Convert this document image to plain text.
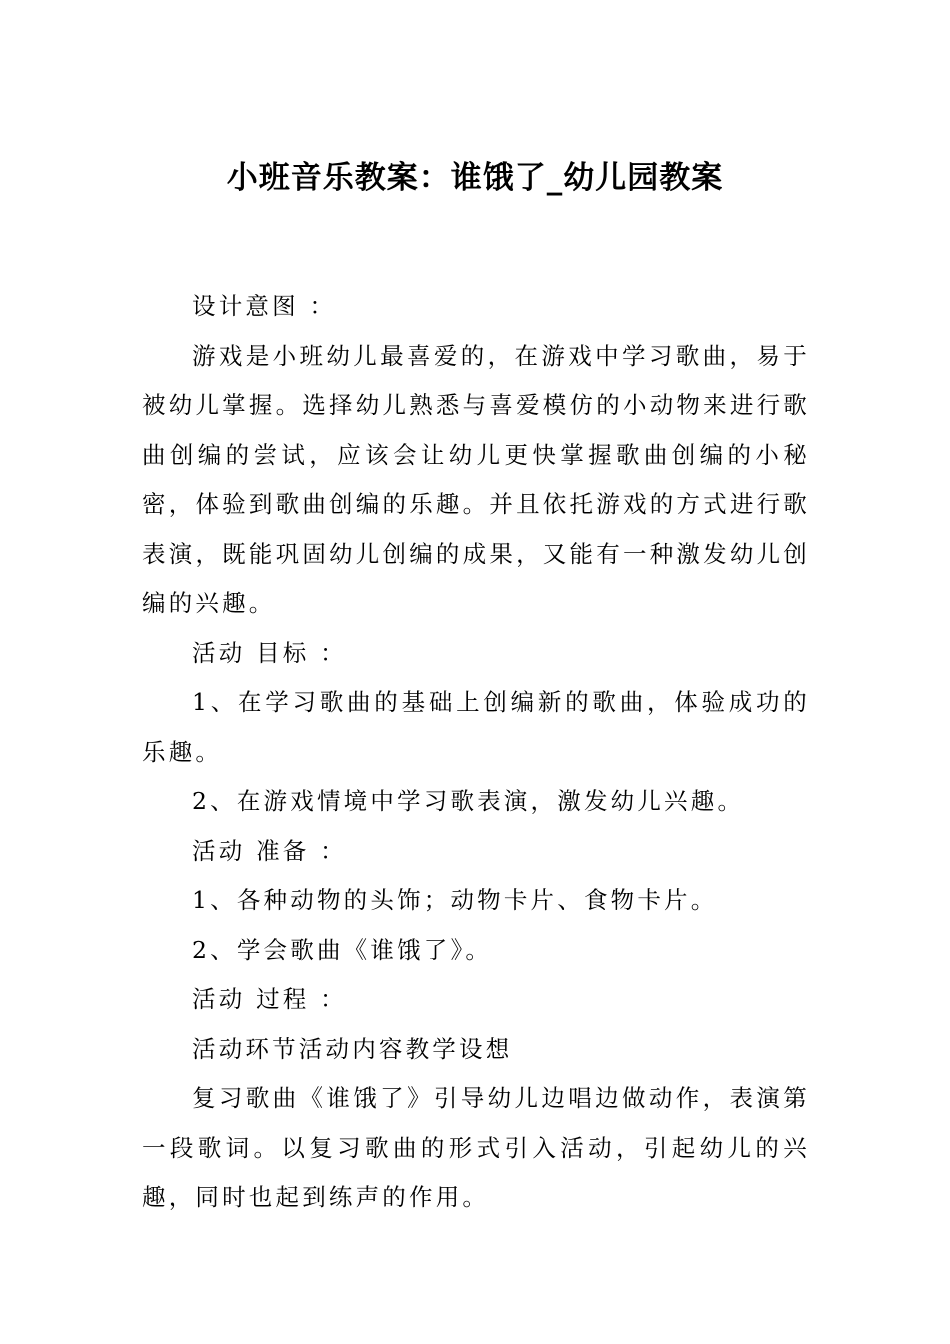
小班音乐教案：谁饿了_幼儿园教案

设计意图 ：

游戏是小班幼儿最喜爱的，在游戏中学习歌曲，易于被幼儿掌握。选择幼儿熟悉与喜爱模仿的小动物来进行歌曲创编的尝试，应该会让幼儿更快掌握歌曲创编的小秘密，体验到歌曲创编的乐趣。并且依托游戏的方式进行歌表演，既能巩固幼儿创编的成果，又能有一种激发幼儿创编的兴趣。

活动 目标 ：

1、在学习歌曲的基础上创编新的歌曲，体验成功的乐趣。

2、在游戏情境中学习歌表演，激发幼儿兴趣。

活动 准备 ：

1、各种动物的头饰；动物卡片、食物卡片。

2、学会歌曲《谁饿了》。

活动 过程 ：

活动环节活动内容教学设想

复习歌曲《谁饿了》引导幼儿边唱边做动作，表演第一段歌词。以复习歌曲的形式引入活动，引起幼儿的兴趣，同时也起到练声的作用。
